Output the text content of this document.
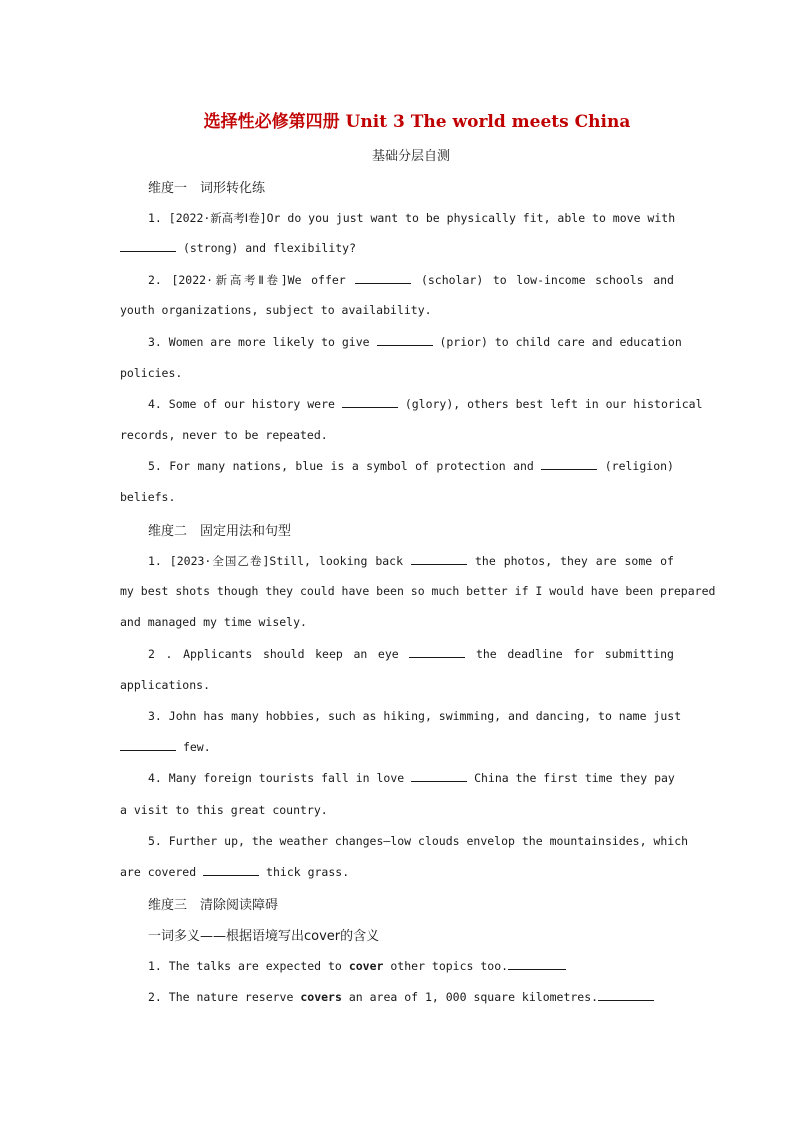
选择性必修第四册 Unit 3 The world meets China
基础分层自测
维度一　词形转化练
1. [2022·新高考Ⅰ卷]Or do you just want to be physically fit, able to move with
(strong) and flexibility?
2. [2022·新高考Ⅱ卷]We offer	(scholar) to low-income schools and
youth organizations, subject to availability.
3. Women are more likely to give	(prior) to child care and education
policies.
4. Some of our history were	(glory), others best left in our historical
records, never to be repeated.
5. For many nations, blue is a symbol of protection and	(religion)
beliefs.
维度二　固定用法和句型
1. [2023·全国乙卷]Still, looking back	the photos, they are some of
my best shots though they could have been so much better if I would have been prepared
and managed my time wisely.
2 . Applicants should keep an eye	the deadline for submitting
applications.
3. John has many hobbies, such as hiking, swimming, and dancing, to name just
few.
4. Many foreign tourists fall in love	China the first time they pay
a visit to this great country.
5. Further up, the weather changes—low clouds envelop the mountainsides, which
are covered	thick grass.
维度三　清除阅读障碍
一词多义——根据语境写出cover的含义
1. The talks are expected to cover other topics too.
2. The nature reserve covers an area of 1, 000 square kilometres.
